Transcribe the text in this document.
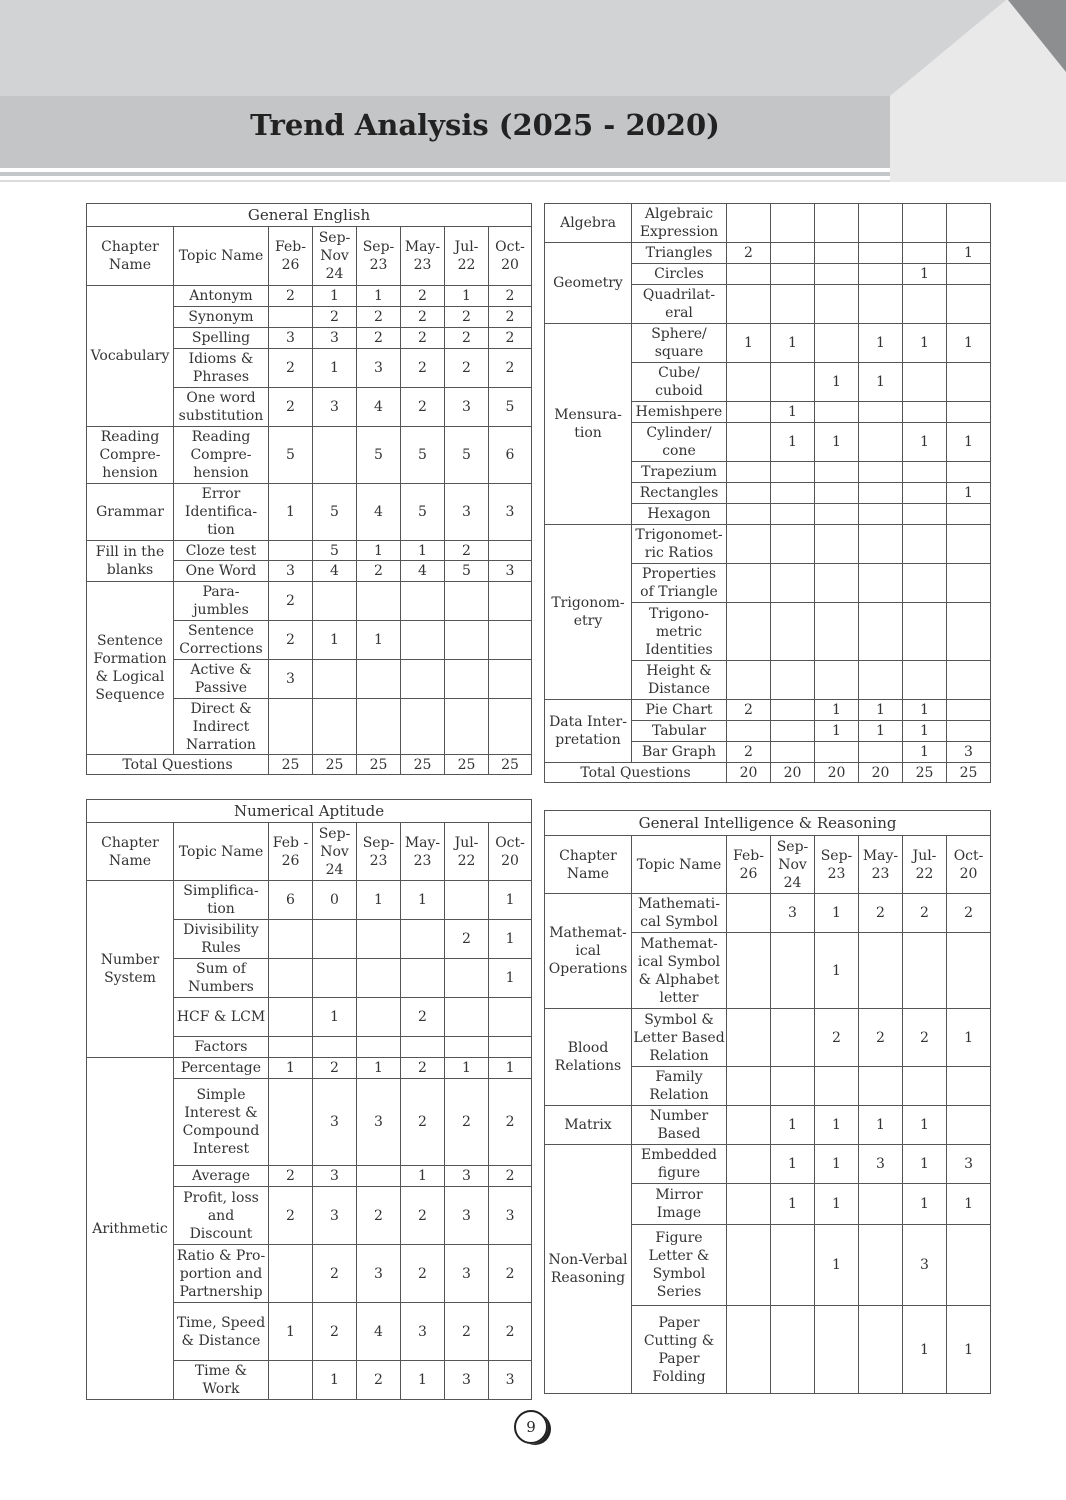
Trend Analysis (2025 - 2020)
General English							
Chapter Name	Topic Name	Feb-26	Sep-Nov 24	Sep-23	May-23	Jul-22	Oct-20
Vocabulary	Antonym	2	1	1	2	1	2
	Synonym		2	2	2	2	2
	Spelling	3	3	2	2	2	2
	Idioms & Phrases	2	1	3	2	2	2
	One word substitution	2	3	4	2	3	5
Reading Compre-hension	Reading Compre-hension	5		5	5	5	6
Grammar	Error Identifica-tion	1	5	4	5	3	3
Fill in the blanks	Cloze test		5	1	1	2	
	One Word	3	4	2	4	5	3
Sentence Formation & Logical Sequence	Para-jumbles	2					
	Sentence Corrections	2	1	1			
	Active & Passive	3					
	Direct & Indirect Narration						
Total Questions		25	25	25	25	25	25
Algebra	Algebraic Expression						
Geometry	Triangles	2					1
	Circles					1	
	Quadrilat-eral						
Mensura-tion	Sphere/ square	1	1		1	1	1
	Cube/ cuboid			1	1		
	Hemishpere		1				
	Cylinder/ cone		1	1		1	1
	Trapezium						
	Rectangles						1
	Hexagon						
Trigonom-etry	Trigonomet-ric Ratios						
	Properties of Triangle						
	Trigono-metric Identities						
	Height & Distance						
Data Inter-pretation	Pie Chart	2		1	1	1	
	Tabular			1	1	1	
	Bar Graph	2				1	3
Total Questions		20	20	20	20	25	25
Numerical Aptitude							
Chapter Name	Topic Name	Feb - 26	Sep-Nov 24	Sep-23	May-23	Jul-22	Oct-20
Number System	Simplifica-tion	6	0	1	1		1
	Divisibility Rules					2	1
	Sum of Numbers						1
	HCF & LCM		1		2		
	Factors						
Arithmetic	Percentage	1	2	1	2	1	1
	Simple Interest & Compound Interest		3	3	2	2	2
	Average	2	3		1	3	2
	Profit, loss and Discount	2	3	2	2	3	3
	Ratio & Pro-portion and Partnership		2	3	2	3	2
	Time, Speed & Distance	1	2	4	3	2	2
	Time & Work		1	2	1	3	3
General Intelligence & Reasoning							
Chapter Name	Topic Name	Feb-26	Sep-Nov 24	Sep-23	May-23	Jul-22	Oct-20
Mathemat-ical Operations	Mathemati-cal Symbol		3	1	2	2	2
	Mathemat-ical Symbol & Alphabet letter			1			
Blood Relations	Symbol & Letter Based Relation			2	2	2	1
	Family Relation						
Matrix	Number Based		1	1	1	1	
Non-Verbal Reasoning	Embedded figure		1	1	3	1	3
	Mirror Image		1	1		1	1
	Figure Letter & Symbol Series			1		3	
	Paper Cutting & Paper Folding					1	1
9
